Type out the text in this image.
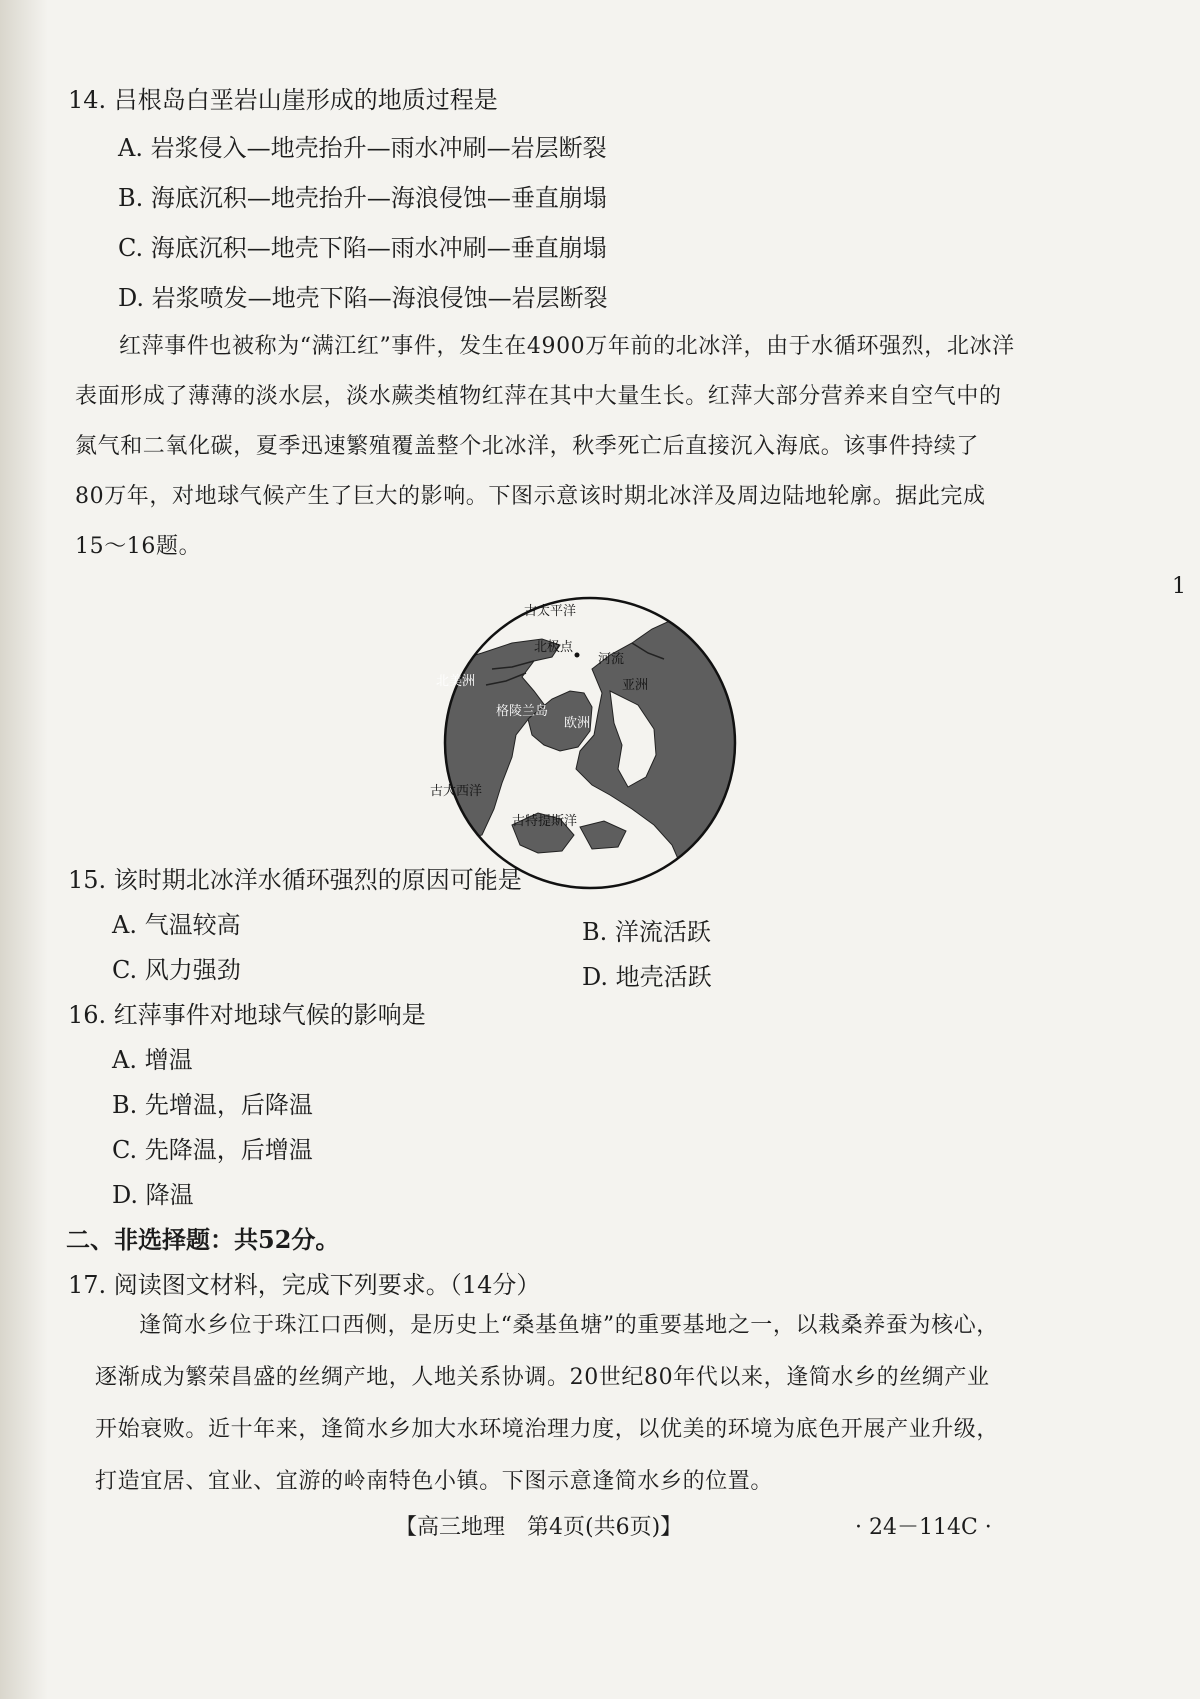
14. 吕根岛白垩岩山崖形成的地质过程是
A. 岩浆侵入—地壳抬升—雨水冲刷—岩层断裂
B. 海底沉积—地壳抬升—海浪侵蚀—垂直崩塌
C. 海底沉积—地壳下陷—雨水冲刷—垂直崩塌
D. 岩浆喷发—地壳下陷—海浪侵蚀—岩层断裂

红萍事件也被称为“满江红”事件，发生在4900万年前的北冰洋，由于水循环强烈，北冰洋

表面形成了薄薄的淡水层，淡水蕨类植物红萍在其中大量生长。红萍大部分营养来自空气中的

氮气和二氧化碳，夏季迅速繁殖覆盖整个北冰洋，秋季死亡后直接沉入海底。该事件持续了

80万年，对地球气候产生了巨大的影响。下图示意该时期北冰洋及周边陆地轮廓。据此完成

15～16题。

1
古太平洋
河流
亚洲
北极点
北美洲
格陵兰岛
欧洲
古大西洋
古特提斯洋
15. 该时期北冰洋水循环强烈的原因可能是
A. 气温较高	B. 洋流活跃
C. 风力强劲	D. 地壳活跃
16. 红萍事件对地球气候的影响是
A. 增温
B. 先增温，后降温
C. 先降温，后增温
D. 降温
二、非选择题：共52分。
17. 阅读图文材料，完成下列要求。（14分）

逢简水乡位于珠江口西侧，是历史上“桑基鱼塘”的重要基地之一，以栽桑养蚕为核心，

逐渐成为繁荣昌盛的丝绸产地，人地关系协调。20世纪80年代以来，逢简水乡的丝绸产业

开始衰败。近十年来，逢简水乡加大水环境治理力度，以优美的环境为底色开展产业升级，

打造宜居、宜业、宜游的岭南特色小镇。下图示意逢简水乡的位置。

【高三地理　第4页(共6页)】	· 24－114C ·
